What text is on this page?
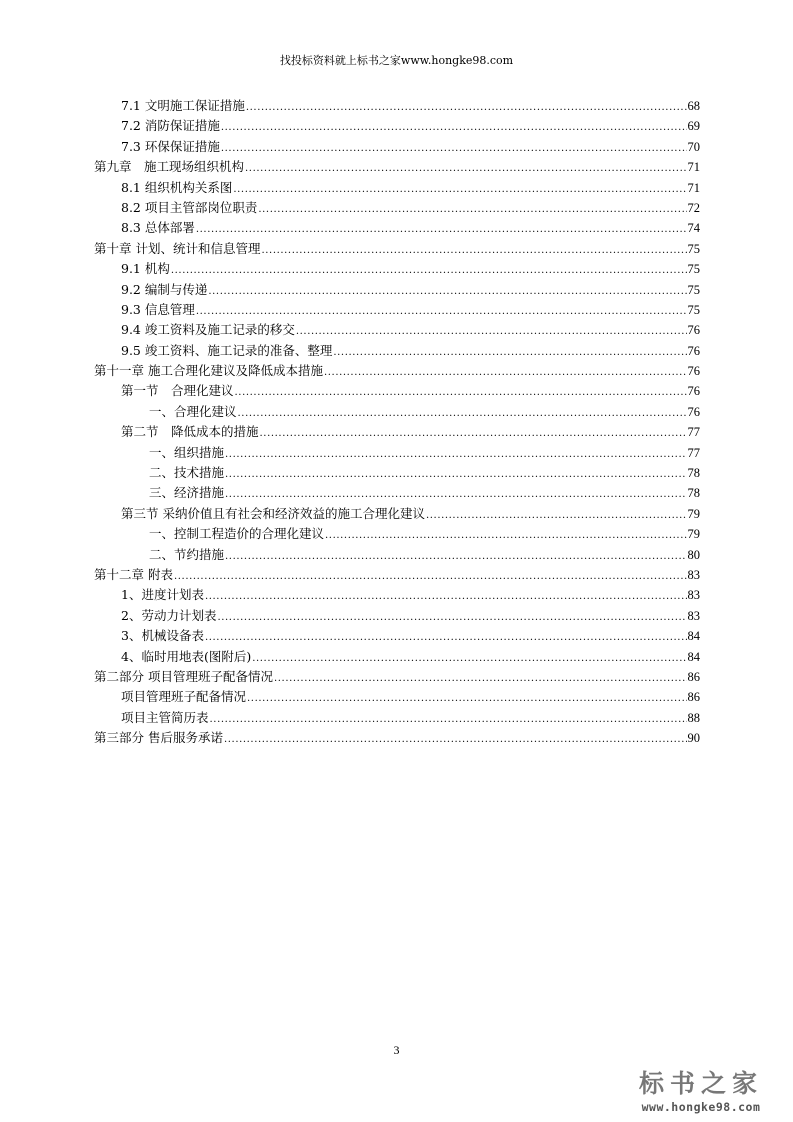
找投标资料就上标书之家www.hongke98.com
7.1 文明施工保证措施 .....	68
7.2 消防保证措施 .....	69
7.3 环保保证措施 .....	70
第九章　施工现场组织机构 .....	71
8.1 组织机构关系图 .....	71
8.2 项目主管部岗位职责 .....	72
8.3 总体部署 .....	74
第十章 计划、统计和信息管理 .....	75
9.1 机构 .....	75
9.2 编制与传递 .....	75
9.3 信息管理 .....	75
9.4 竣工资料及施工记录的移交 .....	76
9.5 竣工资料、施工记录的准备、整理 .....	76
第十一章 施工合理化建议及降低成本措施 .....	76
第一节　合理化建议 .....	76
一、合理化建议 .....	76
第二节　降低成本的措施 .....	77
一、组织措施 .....	77
二、技术措施 .....	78
三、经济措施 .....	78
第三节 采纳价值且有社会和经济效益的施工合理化建议 .....	79
一、控制工程造价的合理化建议 .....	79
二、节约措施 .....	80
第十二章 附表 .....	83
1、进度计划表 .....	83
2、劳动力计划表 .....	83
3、机械设备表 .....	84
4、临时用地表(图附后) .....	84
第二部分 项目管理班子配备情况 .....	86
项目管理班子配备情况 .....	86
项目主管简历表 .....	88
第三部分 售后服务承诺 .....	90
3
标书之家
www.hongke98.com
